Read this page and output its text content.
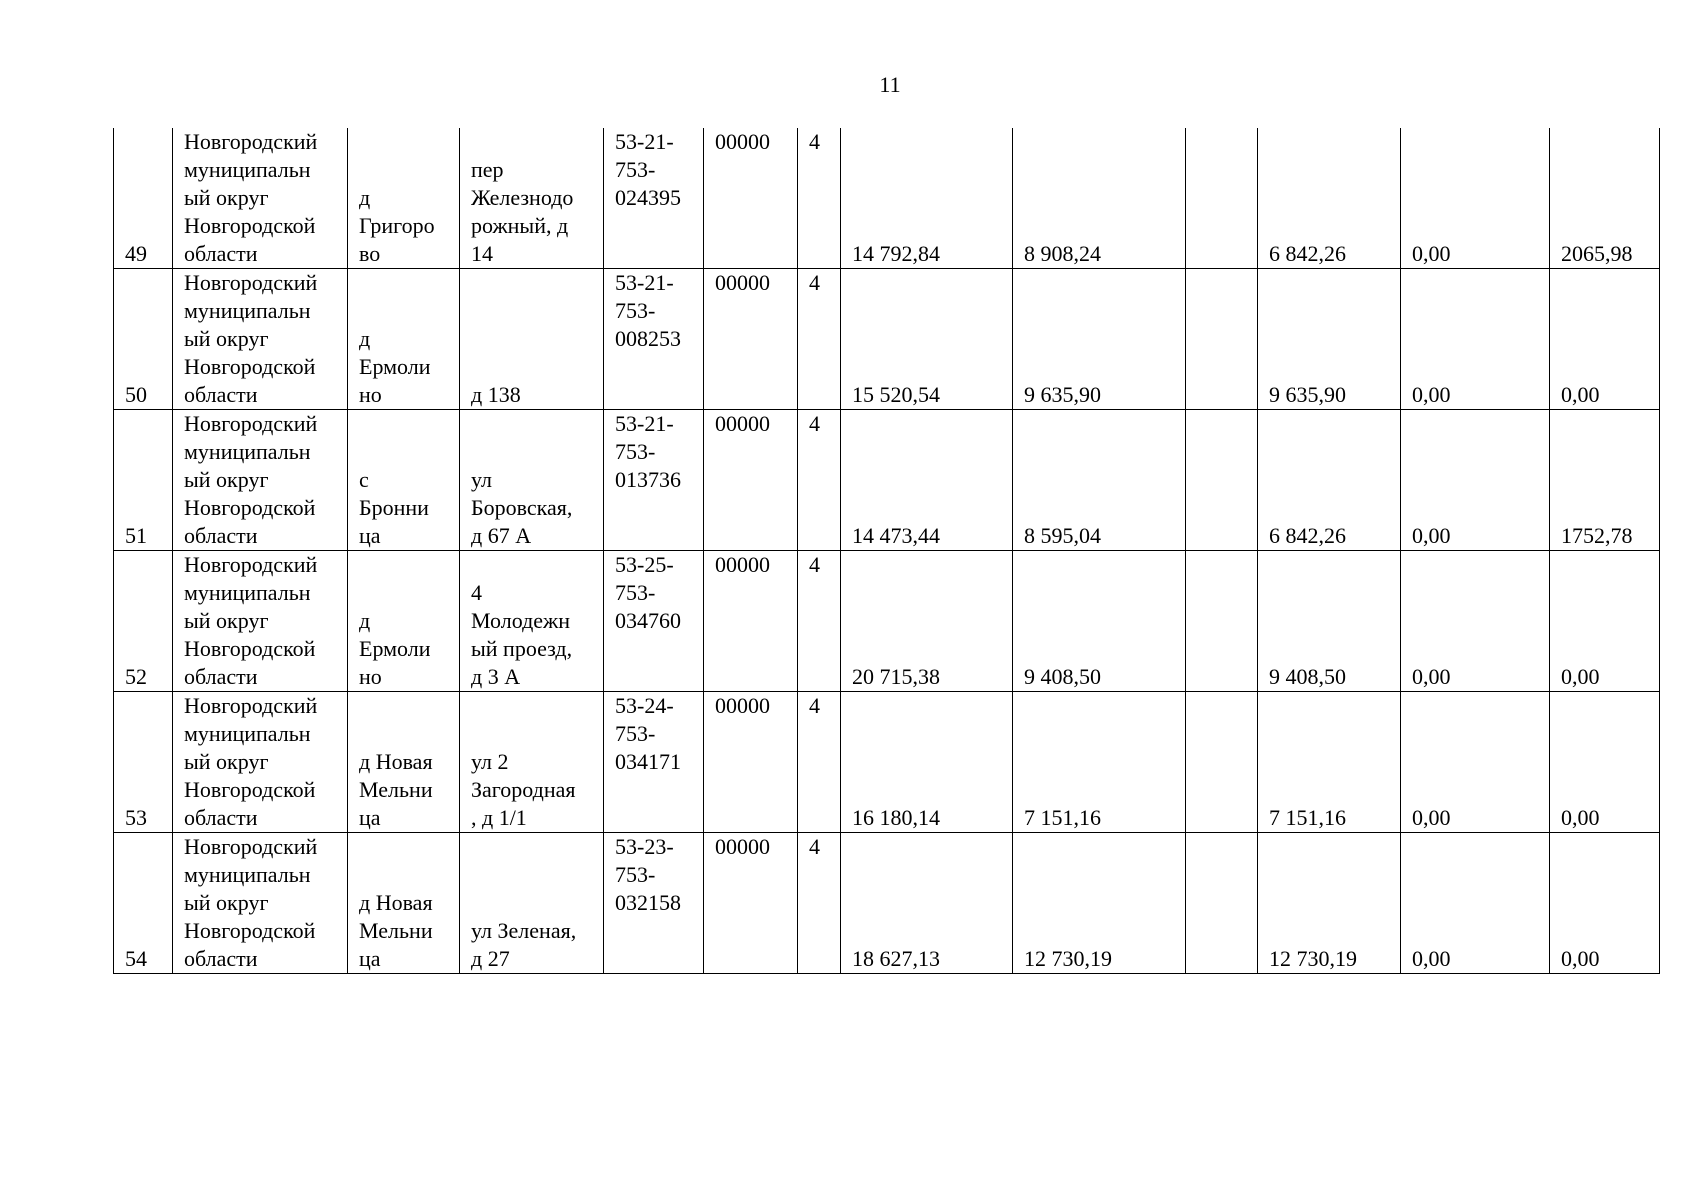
11
49	Новгородский
муниципальн
ый округ
Новгородской
области	д
Григоро
во	пер
Железнодо
рожный, д
14	53-21-
753-
024395	00000	4	14 792,84	8 908,24		6 842,26	0,00	2065,98
50	Новгородский
муниципальн
ый округ
Новгородской
области	д
Ермоли
но	д 138	53-21-
753-
008253	00000	4	15 520,54	9 635,90		9 635,90	0,00	0,00
51	Новгородский
муниципальн
ый округ
Новгородской
области	с
Бронни
ца	ул
Боровская,
д 67 А	53-21-
753-
013736	00000	4	14 473,44	8 595,04		6 842,26	0,00	1752,78
52	Новгородский
муниципальн
ый округ
Новгородской
области	д
Ермоли
но	4
Молодежн
ый проезд,
д 3 А	53-25-
753-
034760	00000	4	20 715,38	9 408,50		9 408,50	0,00	0,00
53	Новгородский
муниципальн
ый округ
Новгородской
области	д Новая
Мельни
ца	ул 2
Загородная
, д 1/1	53-24-
753-
034171	00000	4	16 180,14	7 151,16		7 151,16	0,00	0,00
54	Новгородский
муниципальн
ый округ
Новгородской
области	д Новая
Мельни
ца	ул Зеленая,
д 27	53-23-
753-
032158	00000	4	18 627,13	12 730,19		12 730,19	0,00	0,00
